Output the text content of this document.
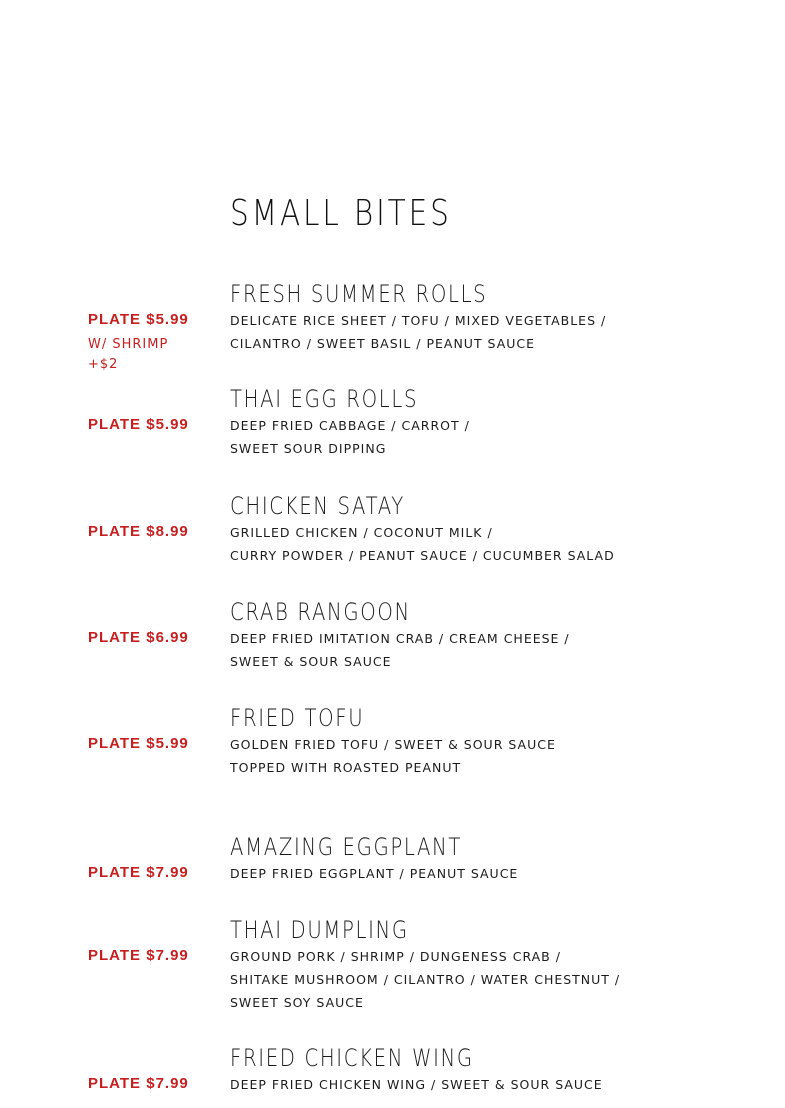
SMALL BITES
FRESH SUMMER ROLLS
PLATE $5.99
W/ SHRIMP
+$2
DELICATE RICE SHEET / TOFU / MIXED VEGETABLES /
CILANTRO / SWEET BASIL / PEANUT SAUCE
THAI EGG ROLLS
PLATE $5.99	DEEP FRIED CABBAGE / CARROT /
SWEET SOUR DIPPING
CHICKEN SATAY
PLATE $8.99	GRILLED CHICKEN / COCONUT MILK /
CURRY POWDER / PEANUT SAUCE / CUCUMBER SALAD
CRAB RANGOON
PLATE $6.99	DEEP FRIED IMITATION CRAB / CREAM CHEESE /
SWEET & SOUR SAUCE
FRIED TOFU
PLATE $5.99	GOLDEN FRIED TOFU / SWEET & SOUR SAUCE
TOPPED WITH ROASTED PEANUT
AMAZING EGGPLANT
PLATE $7.99	DEEP FRIED EGGPLANT / PEANUT SAUCE
THAI DUMPLING
PLATE $7.99	GROUND PORK / SHRIMP / DUNGENESS CRAB /
SHITAKE MUSHROOM / CILANTRO / WATER CHESTNUT /
SWEET SOY SAUCE
FRIED CHICKEN WING
PLATE $7.99	DEEP FRIED CHICKEN WING / SWEET & SOUR SAUCE
